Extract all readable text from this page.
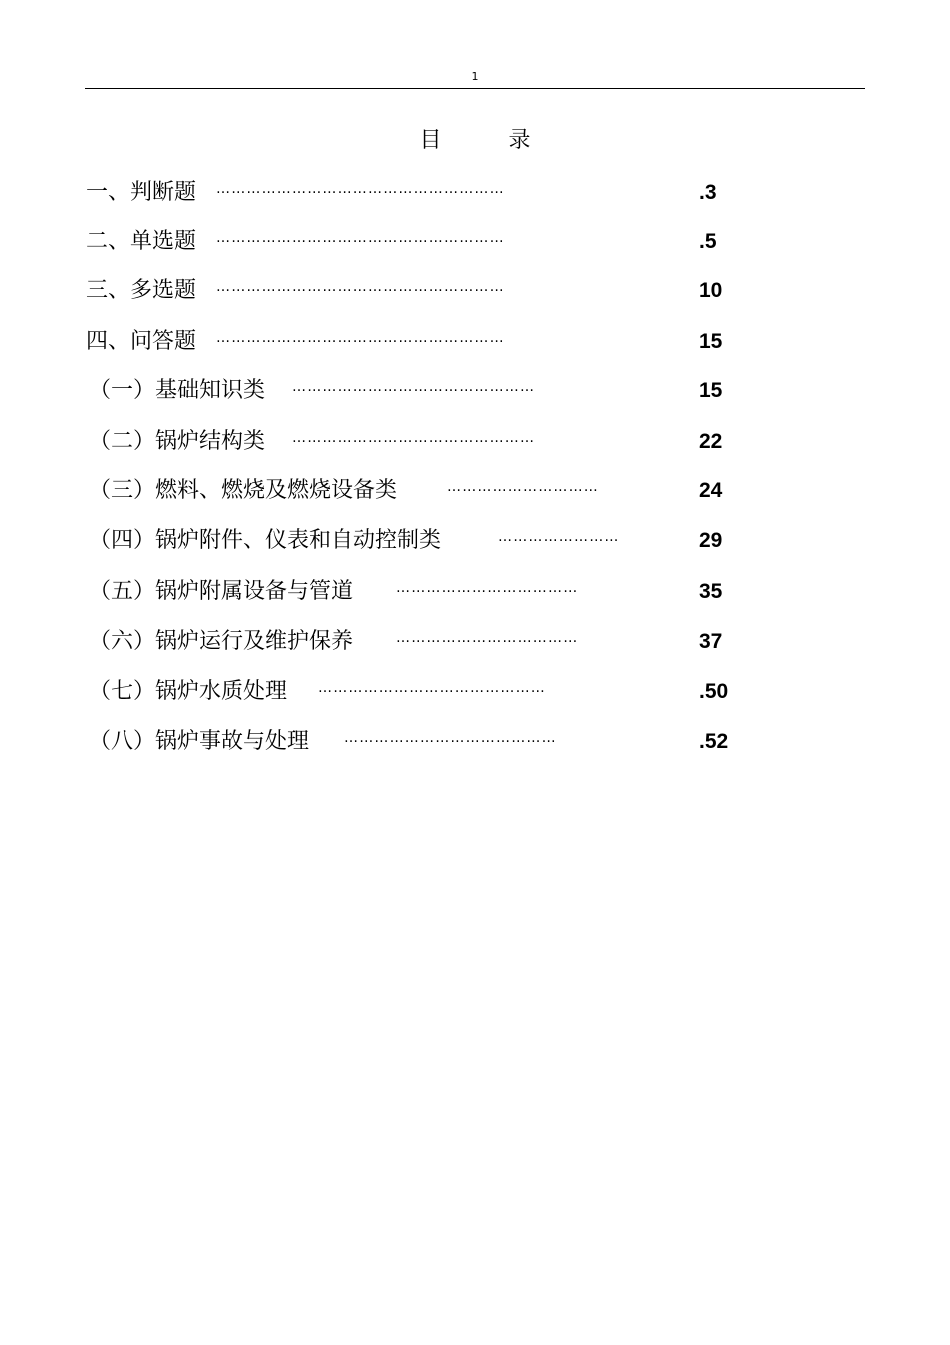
1
目 录
一、判断题 …………………………………………………	.3
二、单选题 …………………………………………………	.5
三、多选题 …………………………………………………	10
四、问答题 …………………………………………………	15
（一）基础知识类 …………………………………………	15
（二）锅炉结构类 …………………………………………	22
（三）燃料、燃烧及燃烧设备类	…………………………	24
（四）锅炉附件、仪表和自动控制类	……………………	29
（五）锅炉附属设备与管道	………………………………	35
（六）锅炉运行及维护保养	………………………………	37
（七）锅炉水质处理 ………………………………………	.50
（八）锅炉事故与处理 ……………………………………	.52
